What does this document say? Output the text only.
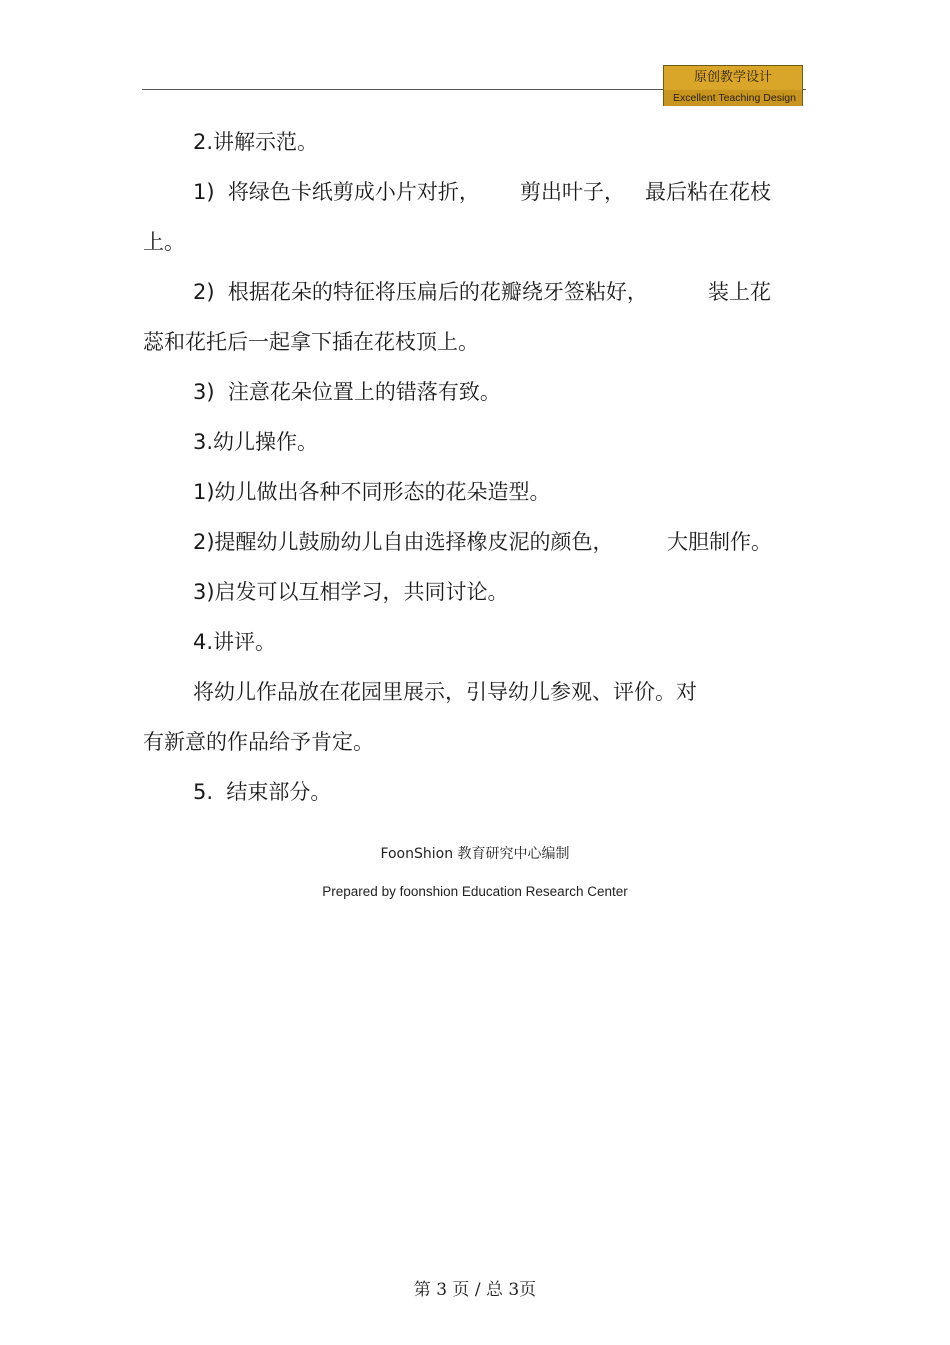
原创教学设计
Excellent Teaching Design
2.讲解示范。
1)  将绿色卡纸剪成小片对折，      剪出叶子，   最后粘在花枝
上。
2)  根据花朵的特征将压扁后的花瓣绕牙签粘好，         装上花
蕊和花托后一起拿下插在花枝顶上。
3)  注意花朵位置上的错落有致。
3.幼儿操作。
1)幼儿做出各种不同形态的花朵造型。
2)提醒幼儿鼓励幼儿自由选择橡皮泥的颜色，        大胆制作。
3)启发可以互相学习，共同讨论。
4.讲评。
将幼儿作品放在花园里展示，引导幼儿参观、评价。对
有新意的作品给予肯定。
5.  结束部分。
FoonShion 教育研究中心编制
Prepared by foonshion Education Research Center
第 3 页 / 总 3页
